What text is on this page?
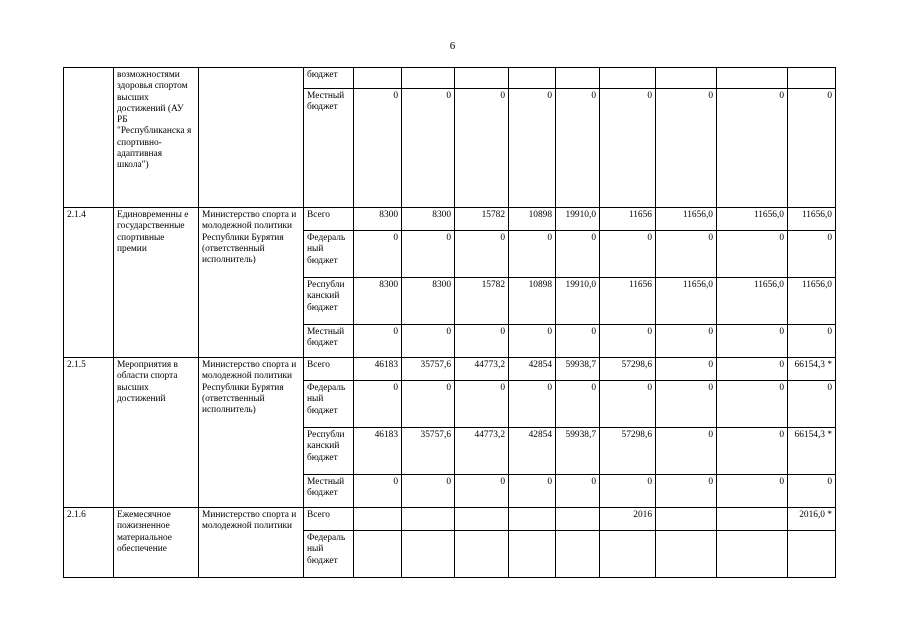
6
	возможностями здоровья спортом высших достижений (АУ РБ "Республиканска я спортивно-адаптивная школа")		бюджет									
			Местный бюджет	0	0	0	0	0	0	0	0	0
2.1.4	Единовременны е государственные спортивные премии	Министерство спорта и молодежной политики Республики Бурятия (ответственный исполнитель)	Всего	8300	8300	15782	10898	19910,0	11656	11656,0	11656,0	11656,0
			Федераль ный бюджет	0	0	0	0	0	0	0	0	0
			Республи канский бюджет	8300	8300	15782	10898	19910,0	11656	11656,0	11656,0	11656,0
			Местный бюджет	0	0	0	0	0	0	0	0	0
2.1.5	Мероприятия в области спорта высших достижений	Министерство спорта и молодежной политики Республики Бурятия (ответственный исполнитель)	Всего	46183	35757,6	44773,2	42854	59938,7	57298,6	0	0	66154,3 *
			Федераль ный бюджет	0	0	0	0	0	0	0	0	0
			Республи канский бюджет	46183	35757,6	44773,2	42854	59938,7	57298,6	0	0	66154,3 *
			Местный бюджет	0	0	0	0	0	0	0	0	0
2.1.6	Ежемесячное пожизненное материальное обеспечение	Министерство спорта и молодежной политики	Всего						2016			2016,0 *
			Федераль ный бюджет									
